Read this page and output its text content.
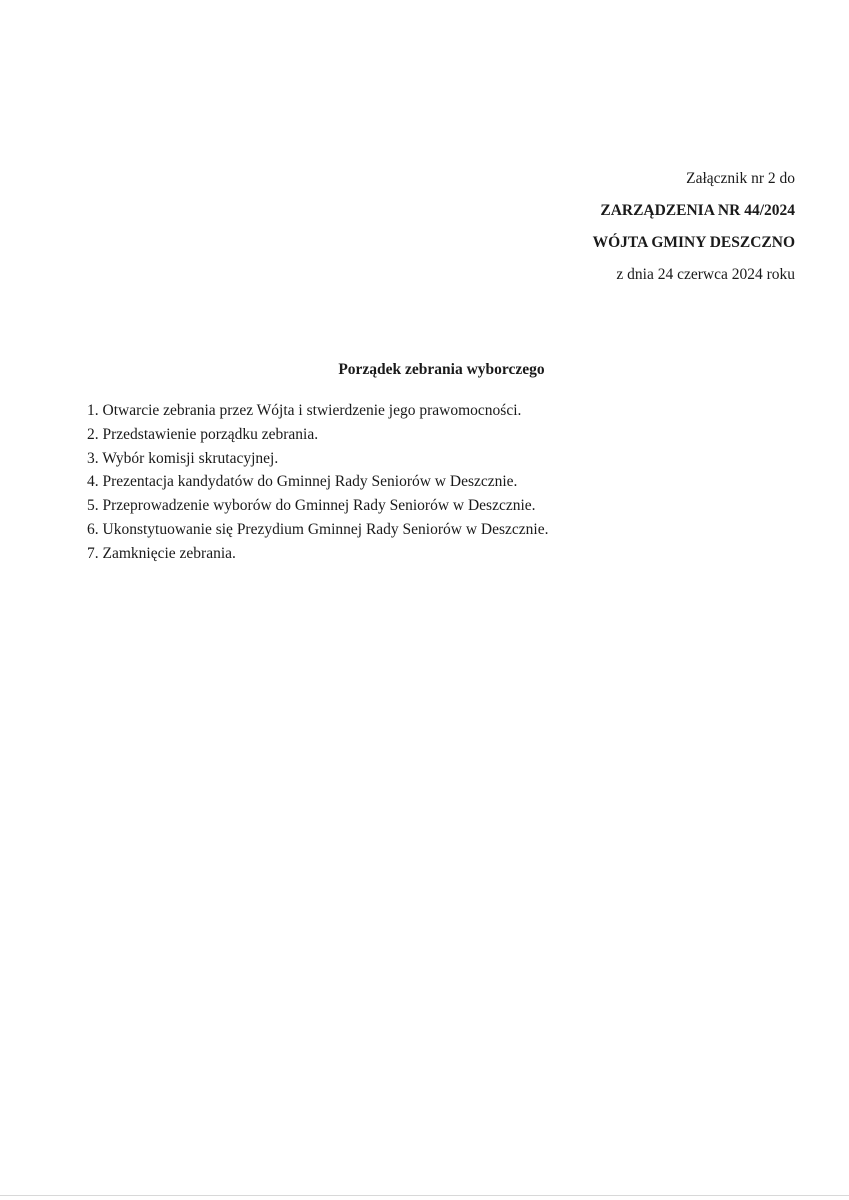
Załącznik nr 2 do
ZARZĄDZENIA NR 44/2024
WÓJTA GMINY DESZCZNO
z dnia 24 czerwca 2024 roku
Porządek zebrania wyborczego
1. Otwarcie zebrania przez Wójta i stwierdzenie jego prawomocności.
2. Przedstawienie porządku zebrania.
3. Wybór komisji skrutacyjnej.
4. Prezentacja kandydatów do Gminnej Rady Seniorów w Deszcznie.
5. Przeprowadzenie wyborów do Gminnej Rady Seniorów w Deszcznie.
6. Ukonstytuowanie się Prezydium Gminnej Rady Seniorów w Deszcznie.
7. Zamknięcie zebrania.
